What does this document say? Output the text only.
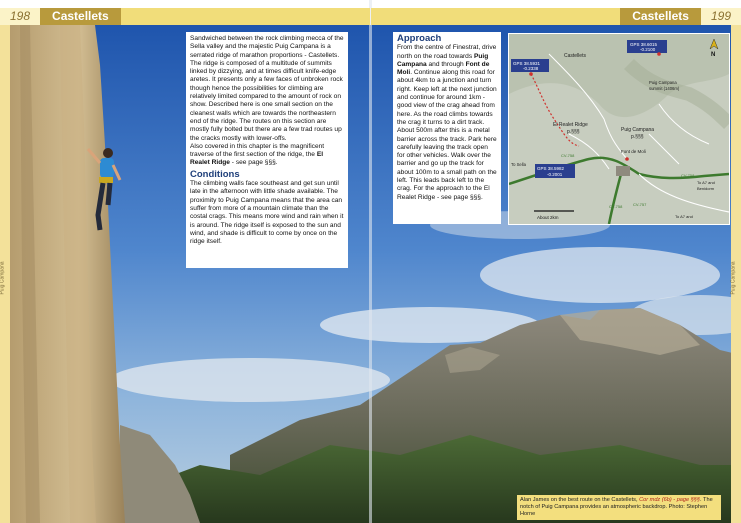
Puig Campana	Puig Campana
198	Castellets	Castellets	199

Sandwiched between the rock climbing mecca of the Sella valley and the majestic Puig Campana is a serrated ridge of marathon proportions - Castellets. The ridge is composed of a multitude of summits linked by dizzying, and at times difficult knife-edge aretes. It presents only a few faces of unbroken rock though hence the possibilities for climbing are relatively limited compared to the amount of rock on show. Described here is one small section on the cleanest walls which are towards the northeastern end of the ridge. The routes on this section are mostly fully bolted but there are a few trad routes up the cracks mostly with lower-offs.

Also covered in this chapter is the magnificent traverse of the first section of the ridge, the El Realet Ridge - see page §§§.

Conditions

The climbing walls face southeast and get sun until late in the afternoon with little shade available. The proximity to Puig Campana means that the area can suffer from more of a mountain climate than the costal crags. This means more wind and rain when it is around. The ridge itself is exposed to the sun and wind, and shade is difficult to come by once on the ridge itself.

Approach

From the centre of Finestrat, drive north on the road towards Puig Campana and through Font de Moli. Continue along this road for about 4km to a junction and turn right. Keep left at the next junction and continue for around 1km - good view of the crag ahead from here. As the road climbs towards the crag it turns to a dirt track. About 500m after this is a metal barrier across the track. Park here carefully leaving the track open for other vehicles. Walk over the barrier and go up the track for about 100m to a small path on the left. This leads back left to the crag. For the approach to the El Realet Ridge - see page §§§.

GPS 38.5931
-0.2338
GPS 38.6015
-0.2100
GPS 38.5982
-0.2001
Castellets
El Realet Ridge
p.§§§
Puig Campana
summit (1406m)
Puig Campana
p.§§§
Font de Moli
To Sella
CV-758
CV-758
CV-758	CV-757
To A7 and
Benidorm
To A7 and
About 2km
N
Alan James on the best route on the Castellets, Cor mdz (6b) - page §§§. The notch of Puig Campana provides an atmospheric backdrop. Photo: Stephen Horne
